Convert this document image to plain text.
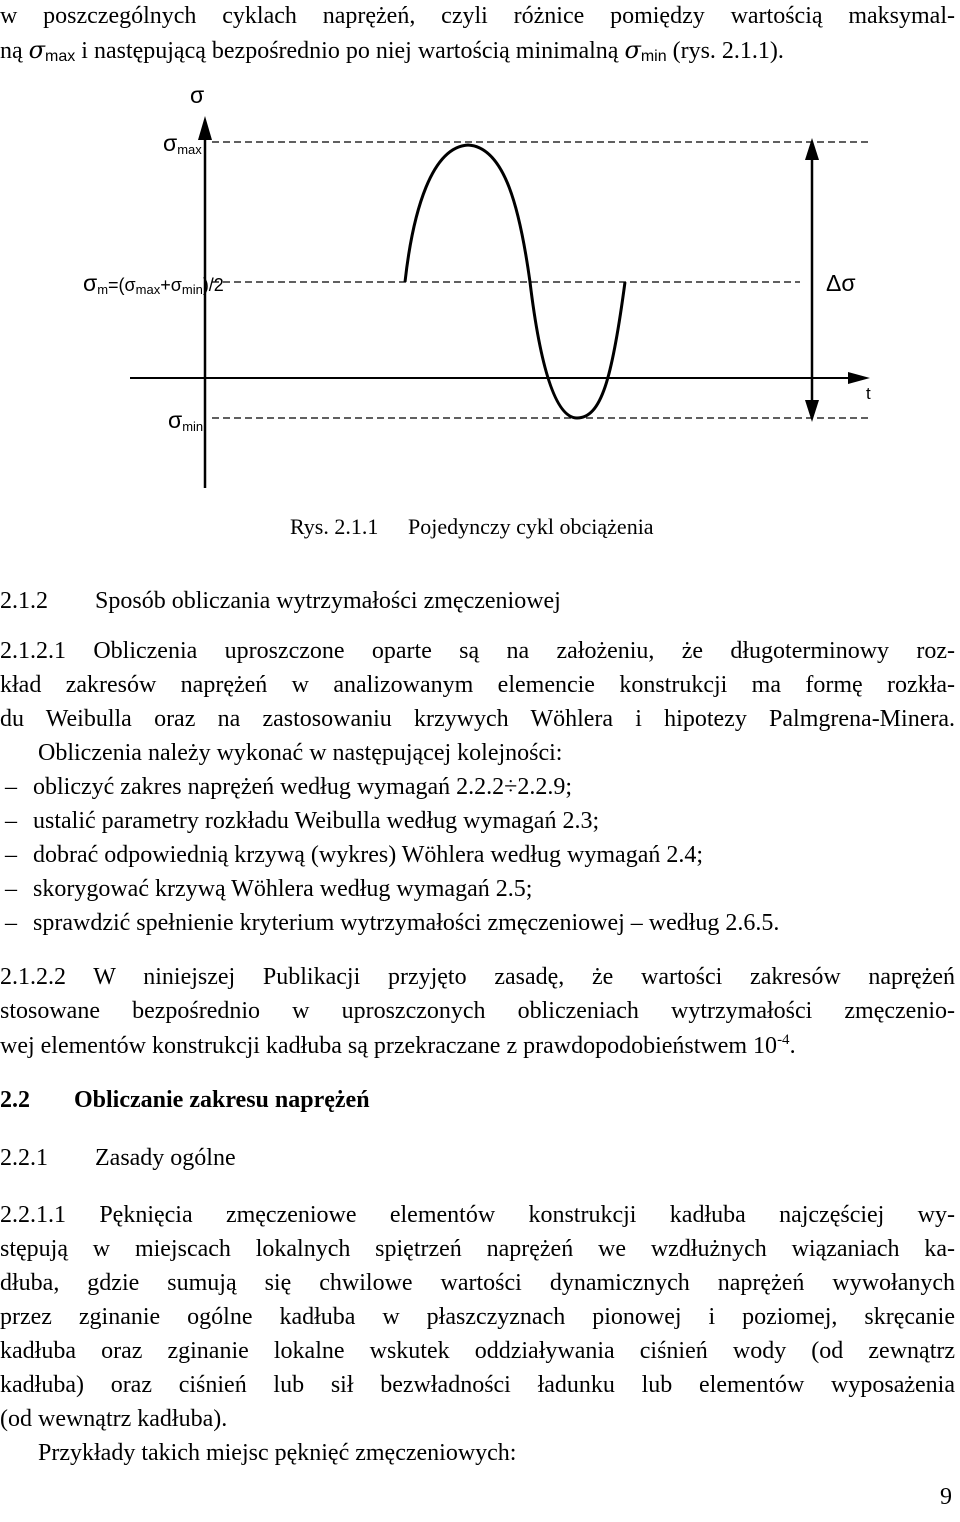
w poszczególnych cyklach naprężeń, czyli różnice pomiędzy wartością maksymal-
ną $\sigma_{max}$ i następującą bezpośrednio po niej wartością minimalną $\sigma_{min}$ (rys. 2.1.1).
σ
$\sigma_{max}$
$\sigma_m=(\sigma_{max}+\sigma_{min})/2$	Δσ
t
$\sigma_{min}$
Rys. 2.1.1 Pojedynczy cykl obciążenia
2.1.2 Sposób obliczania wytrzymałości zmęczeniowej
2.1.2.1 Obliczenia uproszczone oparte są na założeniu, że długoterminowy roz-
kład zakresów naprężeń w analizowanym elemencie konstrukcji ma formę rozkła-
du Weibulla oraz na zastosowaniu krzywych Wöhlera i hipotezy Palmgrena-Minera.
Obliczenia należy wykonać w następującej kolejności:
– obliczyć zakres naprężeń według wymagań 2.2.2÷2.2.9;
– ustalić parametry rozkładu Weibulla według wymagań 2.3;
– dobrać odpowiednią krzywą (wykres) Wöhlera według wymagań 2.4;
– skorygować krzywą Wöhlera według wymagań 2.5;
– sprawdzić spełnienie kryterium wytrzymałości zmęczeniowej – według 2.6.5.
2.1.2.2 W niniejszej Publikacji przyjęto zasadę, że wartości zakresów naprężeń
stosowane bezpośrednio w uproszczonych obliczeniach wytrzymałości zmęczenio-
wej elementów konstrukcji kadłuba są przekraczane z prawdopodobieństwem $10^{-4}$.
2.2 Obliczanie zakresu naprężeń
2.2.1 Zasady ogólne
2.2.1.1 Pęknięcia zmęczeniowe elementów konstrukcji kadłuba najczęściej wy-
stępują w miejscach lokalnych spiętrzeń naprężeń we wzdłużnych wiązaniach ka-
dłuba, gdzie sumują się chwilowe wartości dynamicznych naprężeń wywołanych
przez zginanie ogólne kadłuba w płaszczyznach pionowej i poziomej, skręcanie
kadłuba oraz zginanie lokalne wskutek oddziaływania ciśnień wody (od zewnątrz
kadłuba) oraz ciśnień lub sił bezwładności ładunku lub elementów wyposażenia
(od wewnątrz kadłuba).
Przykłady takich miejsc pęknięć zmęczeniowych:
9
